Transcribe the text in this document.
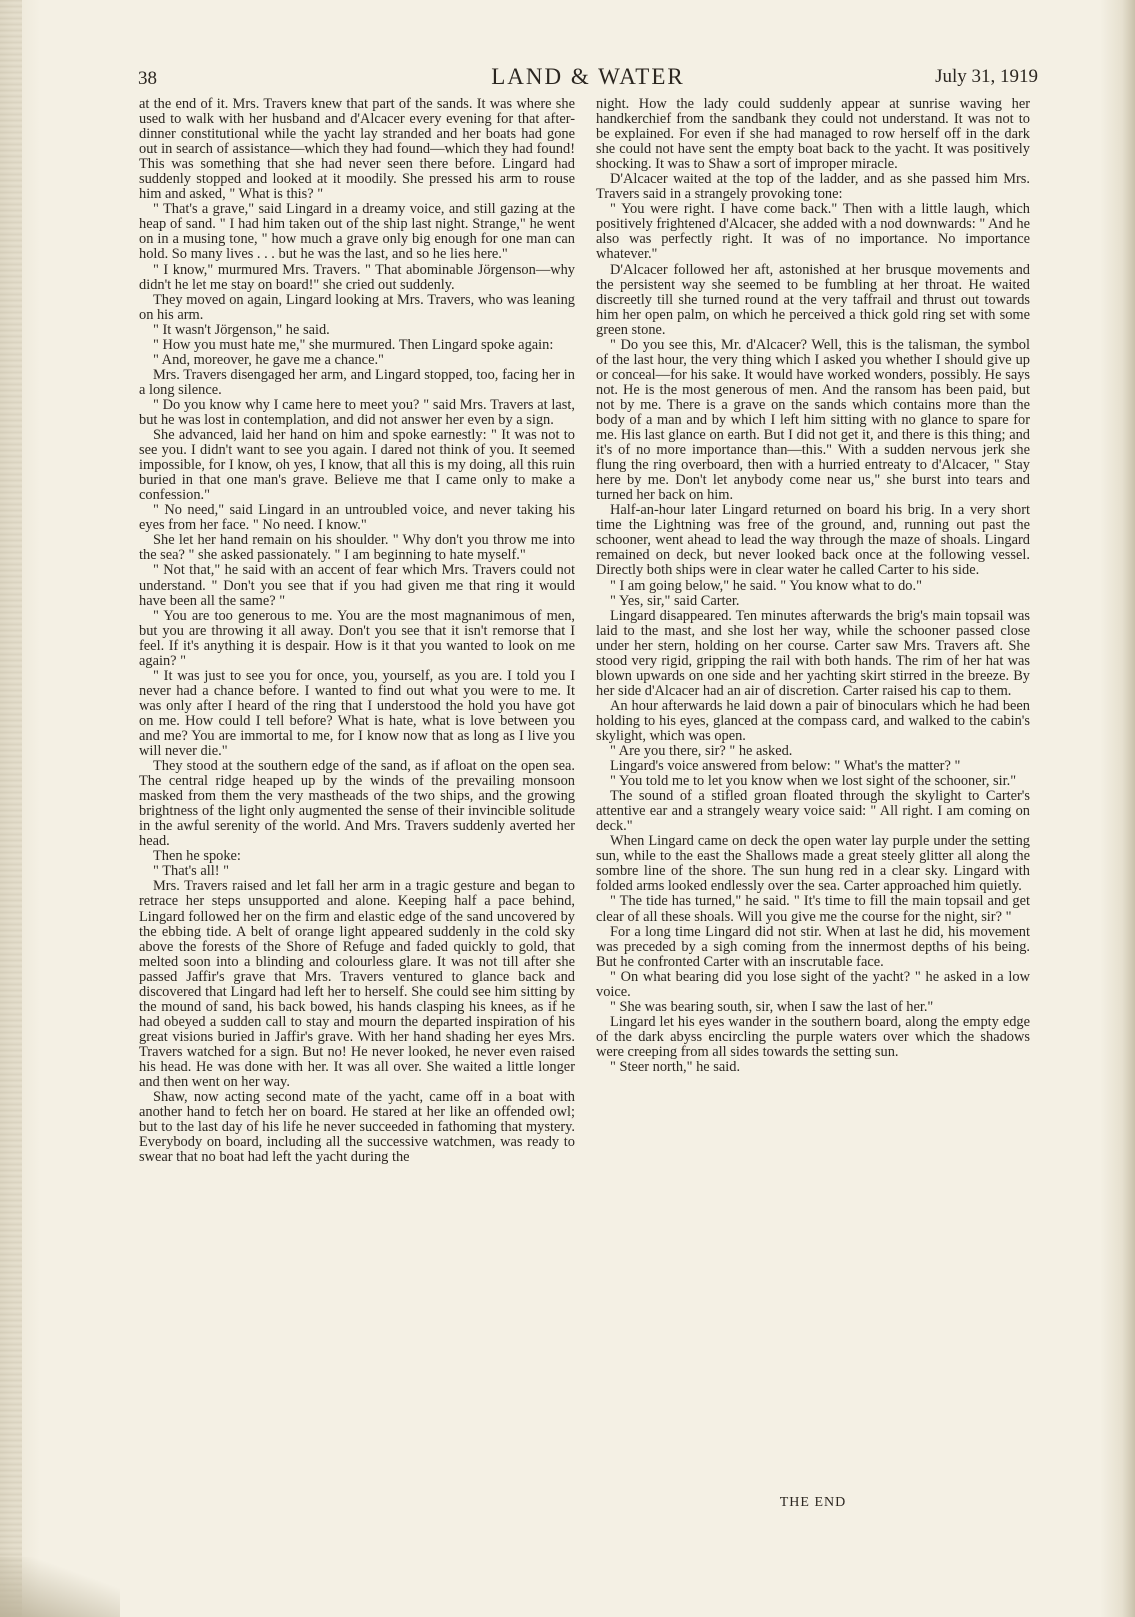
38	LAND & WATER	July 31, 1919

at the end of it. Mrs. Travers knew that part of the sands. It was where she used to walk with her husband and d'Alcacer every evening for that after-dinner constitutional while the yacht lay stranded and her boats had gone out in search of assistance—which they had found—which they had found! This was something that she had never seen there before. Lingard had suddenly stopped and looked at it moodily. She pressed his arm to rouse him and asked, " What is this? "

" That's a grave," said Lingard in a dreamy voice, and still gazing at the heap of sand. " I had him taken out of the ship last night. Strange," he went on in a musing tone, " how much a grave only big enough for one man can hold. So many lives . . . but he was the last, and so he lies here."

" I know," murmured Mrs. Travers. " That abominable Jörgenson—why didn't he let me stay on board!" she cried out suddenly.

They moved on again, Lingard looking at Mrs. Travers, who was leaning on his arm.

" It wasn't Jörgenson," he said.

" How you must hate me," she murmured. Then Lingard spoke again:

" And, moreover, he gave me a chance."

Mrs. Travers disengaged her arm, and Lingard stopped, too, facing her in a long silence.

" Do you know why I came here to meet you? " said Mrs. Travers at last, but he was lost in contemplation, and did not answer her even by a sign.

She advanced, laid her hand on him and spoke earnestly: " It was not to see you. I didn't want to see you again. I dared not think of you. It seemed impossible, for I know, oh yes, I know, that all this is my doing, all this ruin buried in that one man's grave. Believe me that I came only to make a confession."

" No need," said Lingard in an untroubled voice, and never taking his eyes from her face. " No need. I know."

She let her hand remain on his shoulder. " Why don't you throw me into the sea? " she asked passionately. " I am beginning to hate myself."

" Not that," he said with an accent of fear which Mrs. Travers could not understand. " Don't you see that if you had given me that ring it would have been all the same? "

" You are too generous to me. You are the most magnanimous of men, but you are throwing it all away. Don't you see that it isn't remorse that I feel. If it's anything it is despair. How is it that you wanted to look on me again? "

" It was just to see you for once, you, yourself, as you are. I told you I never had a chance before. I wanted to find out what you were to me. It was only after I heard of the ring that I understood the hold you have got on me. How could I tell before? What is hate, what is love between you and me? You are immortal to me, for I know now that as long as I live you will never die."

They stood at the southern edge of the sand, as if afloat on the open sea. The central ridge heaped up by the winds of the prevailing monsoon masked from them the very mastheads of the two ships, and the growing brightness of the light only augmented the sense of their invincible solitude in the awful serenity of the world. And Mrs. Travers suddenly averted her head.

Then he spoke:

" That's all! "

Mrs. Travers raised and let fall her arm in a tragic gesture and began to retrace her steps unsupported and alone. Keeping half a pace behind, Lingard followed her on the firm and elastic edge of the sand uncovered by the ebbing tide. A belt of orange light appeared suddenly in the cold sky above the forests of the Shore of Refuge and faded quickly to gold, that melted soon into a blinding and colourless glare. It was not till after she passed Jaffir's grave that Mrs. Travers ventured to glance back and discovered that Lingard had left her to herself. She could see him sitting by the mound of sand, his back bowed, his hands clasping his knees, as if he had obeyed a sudden call to stay and mourn the departed inspiration of his great visions buried in Jaffir's grave. With her hand shading her eyes Mrs. Travers watched for a sign. But no! He never looked, he never even raised his head. He was done with her. It was all over. She waited a little longer and then went on her way.

Shaw, now acting second mate of the yacht, came off in a boat with another hand to fetch her on board. He stared at her like an offended owl; but to the last day of his life he never succeeded in fathoming that mystery. Everybody on board, including all the successive watchmen, was ready to swear that no boat had left the yacht during the

night. How the lady could suddenly appear at sunrise waving her handkerchief from the sandbank they could not understand. It was not to be explained. For even if she had managed to row herself off in the dark she could not have sent the empty boat back to the yacht. It was positively shocking. It was to Shaw a sort of improper miracle.

D'Alcacer waited at the top of the ladder, and as she passed him Mrs. Travers said in a strangely provoking tone:

" You were right. I have come back." Then with a little laugh, which positively frightened d'Alcacer, she added with a nod downwards: " And he also was perfectly right. It was of no importance. No importance whatever."

D'Alcacer followed her aft, astonished at her brusque movements and the persistent way she seemed to be fumbling at her throat. He waited discreetly till she turned round at the very taffrail and thrust out towards him her open palm, on which he perceived a thick gold ring set with some green stone.

" Do you see this, Mr. d'Alcacer? Well, this is the talisman, the symbol of the last hour, the very thing which I asked you whether I should give up or conceal—for his sake. It would have worked wonders, possibly. He says not. He is the most generous of men. And the ransom has been paid, but not by me. There is a grave on the sands which contains more than the body of a man and by which I left him sitting with no glance to spare for me. His last glance on earth. But I did not get it, and there is this thing; and it's of no more importance than—this." With a sudden nervous jerk she flung the ring overboard, then with a hurried entreaty to d'Alcacer, " Stay here by me. Don't let anybody come near us," she burst into tears and turned her back on him.

Half-an-hour later Lingard returned on board his brig. In a very short time the Lightning was free of the ground, and, running out past the schooner, went ahead to lead the way through the maze of shoals. Lingard remained on deck, but never looked back once at the following vessel. Directly both ships were in clear water he called Carter to his side.

" I am going below," he said. " You know what to do."

" Yes, sir," said Carter.

Lingard disappeared. Ten minutes afterwards the brig's main topsail was laid to the mast, and she lost her way, while the schooner passed close under her stern, holding on her course. Carter saw Mrs. Travers aft. She stood very rigid, gripping the rail with both hands. The rim of her hat was blown upwards on one side and her yachting skirt stirred in the breeze. By her side d'Alcacer had an air of discretion. Carter raised his cap to them.

An hour afterwards he laid down a pair of binoculars which he had been holding to his eyes, glanced at the compass card, and walked to the cabin's skylight, which was open.

" Are you there, sir? " he asked.

Lingard's voice answered from below: " What's the matter? "

" You told me to let you know when we lost sight of the schooner, sir."

The sound of a stifled groan floated through the skylight to Carter's attentive ear and a strangely weary voice said: " All right. I am coming on deck."

When Lingard came on deck the open water lay purple under the setting sun, while to the east the Shallows made a great steely glitter all along the sombre line of the shore. The sun hung red in a clear sky. Lingard with folded arms looked endlessly over the sea. Carter approached him quietly.

" The tide has turned," he said. " It's time to fill the main topsail and get clear of all these shoals. Will you give me the course for the night, sir? "

For a long time Lingard did not stir. When at last he did, his movement was preceded by a sigh coming from the innermost depths of his being. But he confronted Carter with an inscrutable face.

" On what bearing did you lose sight of the yacht? " he asked in a low voice.

" She was bearing south, sir, when I saw the last of her."

Lingard let his eyes wander in the southern board, along the empty edge of the dark abyss encircling the purple waters over which the shadows were creeping from all sides towards the setting sun.

" Steer north," he said.

THE END
